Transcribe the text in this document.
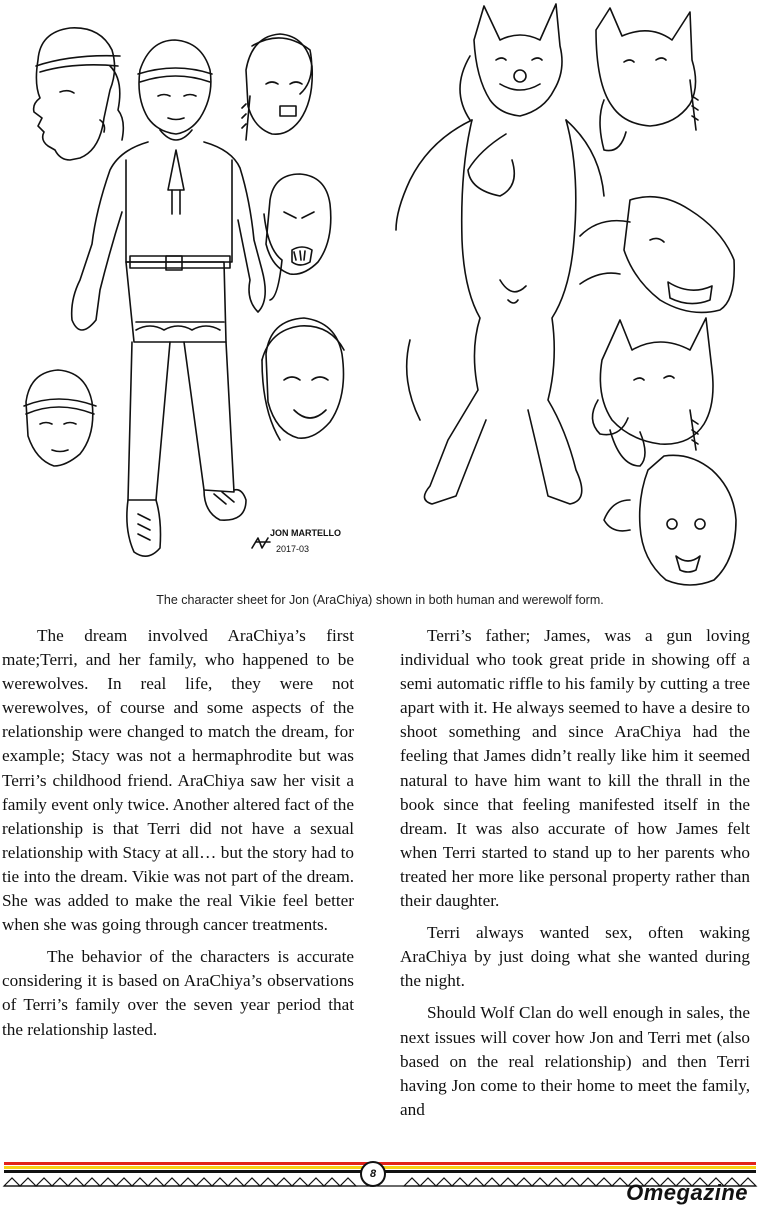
JON MARTELLO
2017-03
The character sheet for Jon (AraChiya) shown in both human and werewolf form.

The dream involved AraChiya’s first mate;Terri, and her family, who happened to be werewolves. In real life, they were not werewolves, of course and some aspects of the relationship were changed to match the dream, for example; Stacy was not a hermaphrodite but was Terri’s childhood friend. AraChiya saw her visit a family event only twice. Another altered fact of the relationship is that Terri did not have a sexual relationship with Stacy at all… but the story had to tie into the dream. Vikie was not part of the dream. She was added to make the real Vikie feel better when she was going through cancer treatments.

The behavior of the characters is accurate considering it is based on AraChiya’s observations of Terri’s family over the seven year period that the relationship lasted.

Terri’s father; James, was a gun loving individual who took great pride in showing off a semi automatic riffle to his family by cutting a tree apart with it. He always seemed to have a desire to shoot something and since AraChiya had the feeling that James didn’t really like him it seemed natural to have him want to kill the thrall in the book since that feeling manifested itself in the dream. It was also accurate of how James felt when Terri started to stand up to her parents who treated her more like personal property rather than their daughter.

Terri always wanted sex, often waking AraChiya by just doing what she wanted during the night.

Should Wolf Clan do well enough in sales, the next issues will cover how Jon and Terri met (also based on the real relationship) and then Terri having Jon come to their home to meet the family, and

8
Omegazine
